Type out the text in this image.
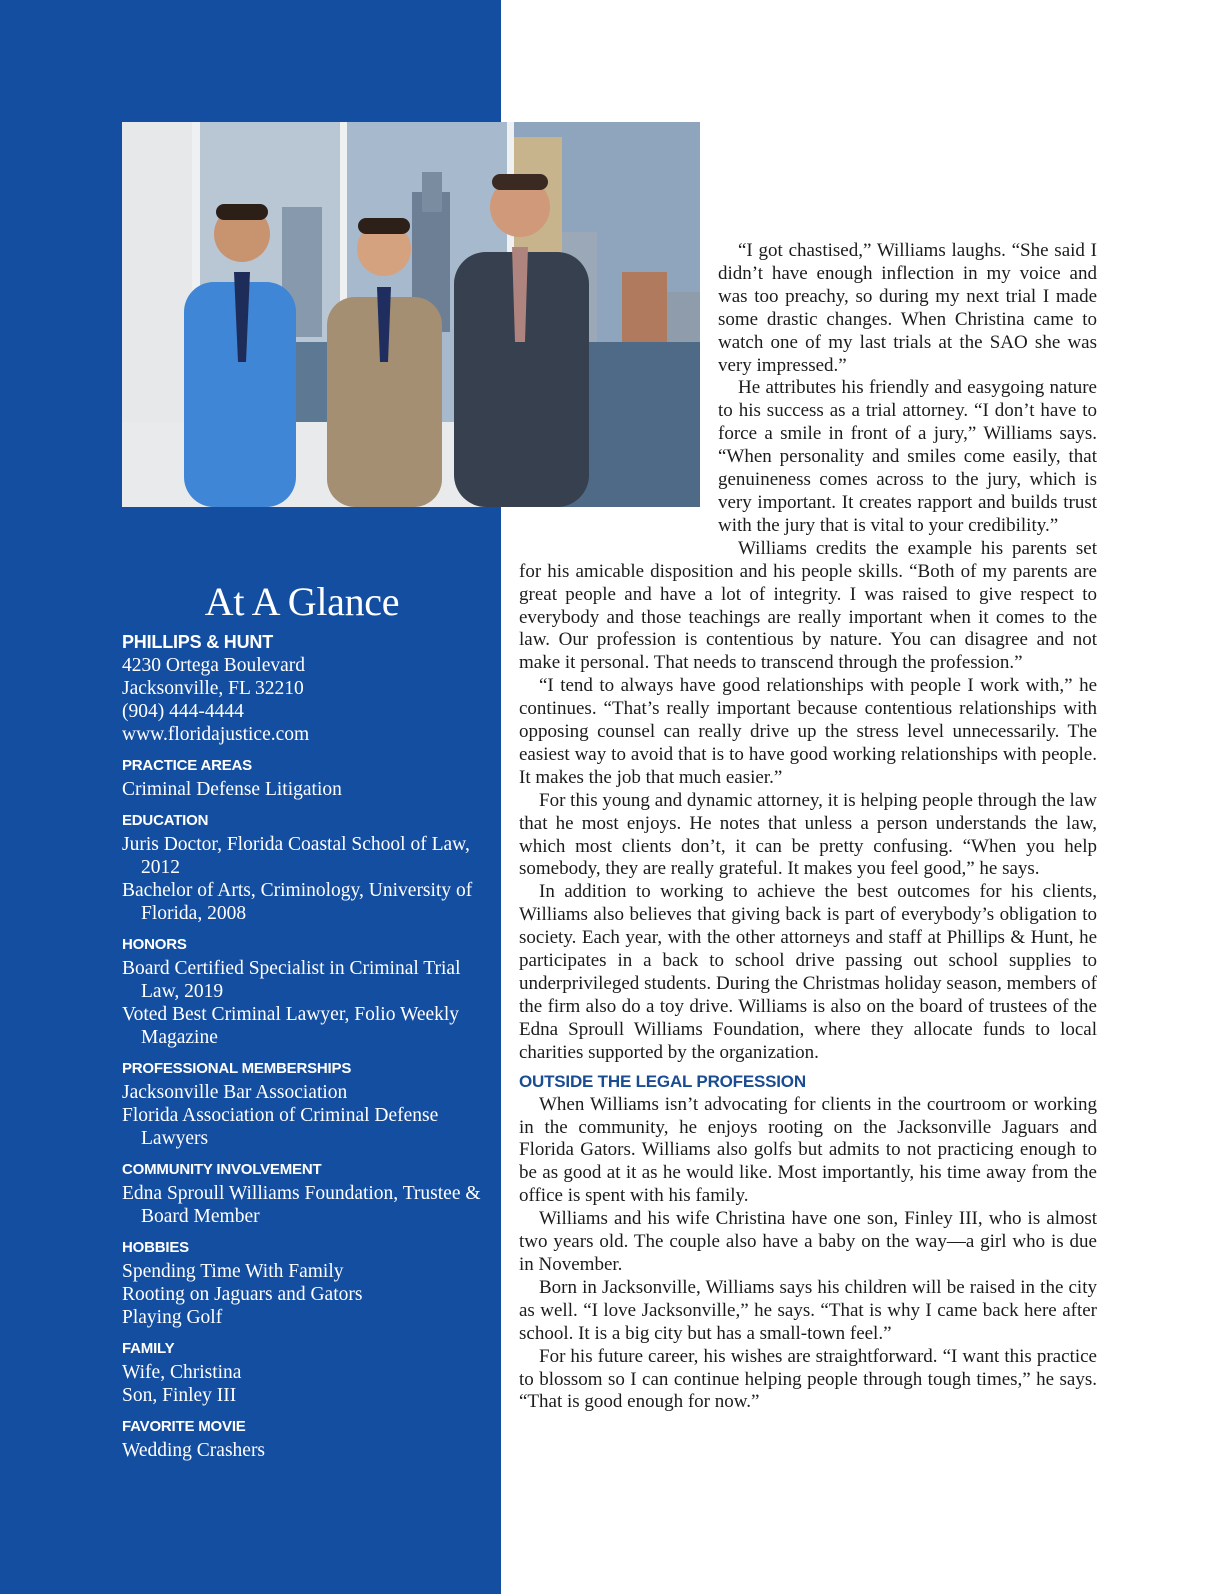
At A Glance
PHILLIPS & HUNT
4230 Ortega Boulevard
Jacksonville, FL 32210
(904) 444-4444
www.floridajustice.com
PRACTICE AREAS
Criminal Defense Litigation
EDUCATION
Juris Doctor, Florida Coastal School of Law, 2012
Bachelor of Arts, Criminology, University of Florida, 2008
HONORS
Board Certified Specialist in Criminal Trial Law, 2019
Voted Best Criminal Lawyer, Folio Weekly Magazine
PROFESSIONAL MEMBERSHIPS
Jacksonville Bar Association
Florida Association of Criminal Defense Lawyers
COMMUNITY INVOLVEMENT
Edna Sproull Williams Foundation, Trustee & Board Member
HOBBIES
Spending Time With Family
Rooting on Jaguars and Gators
Playing Golf
FAMILY
Wife, Christina
Son, Finley III
FAVORITE MOVIE
Wedding Crashers

“I got chastised,” Williams laughs. “She said I didn’t have enough inflection in my voice and was too preachy, so during my next trial I made some drastic changes. When Christina came to watch one of my last trials at the SAO she was very impressed.”

He attributes his friendly and easygoing nature to his success as a trial attorney. “I don’t have to force a smile in front of a jury,” Williams says. “When personality and smiles come easily, that genuineness comes across to the jury, which is very important. It creates rapport and builds trust with the jury that is vital to your credibility.”

Williams credits the example his parents set for his amicable disposition and his people skills. “Both of my parents are great people and have a lot of integrity. I was raised to give respect to everybody and those teachings are really important when it comes to the law. Our profession is contentious by nature. You can disagree and not make it personal. That needs to transcend through the profession.”

“I tend to always have good relationships with people I work with,” he continues. “That’s really important because contentious relationships with opposing counsel can really drive up the stress level unnecessarily. The easiest way to avoid that is to have good working relationships with people. It makes the job that much easier.”

For this young and dynamic attorney, it is helping people through the law that he most enjoys. He notes that unless a person understands the law, which most clients don’t, it can be pretty confusing. “When you help somebody, they are really grateful. It makes you feel good,” he says.

In addition to working to achieve the best outcomes for his clients, Williams also believes that giving back is part of everybody’s obligation to society. Each year, with the other attorneys and staff at Phillips & Hunt, he participates in a back to school drive passing out school supplies to underprivileged students. During the Christmas holiday season, members of the firm also do a toy drive. Williams is also on the board of trustees of the Edna Sproull Williams Foundation, where they allocate funds to local charities supported by the organization.

OUTSIDE THE LEGAL PROFESSION

When Williams isn’t advocating for clients in the courtroom or working in the community, he enjoys rooting on the Jacksonville Jaguars and Florida Gators. Williams also golfs but admits to not practicing enough to be as good at it as he would like. Most importantly, his time away from the office is spent with his family.

Williams and his wife Christina have one son, Finley III, who is almost two years old. The couple also have a baby on the way—a girl who is due in November.

Born in Jacksonville, Williams says his children will be raised in the city as well. “I love Jacksonville,” he says. “That is why I came back here after school. It is a big city but has a small-town feel.”

For his future career, his wishes are straightforward. “I want this practice to blossom so I can continue helping people through tough times,” he says. “That is good enough for now.”
